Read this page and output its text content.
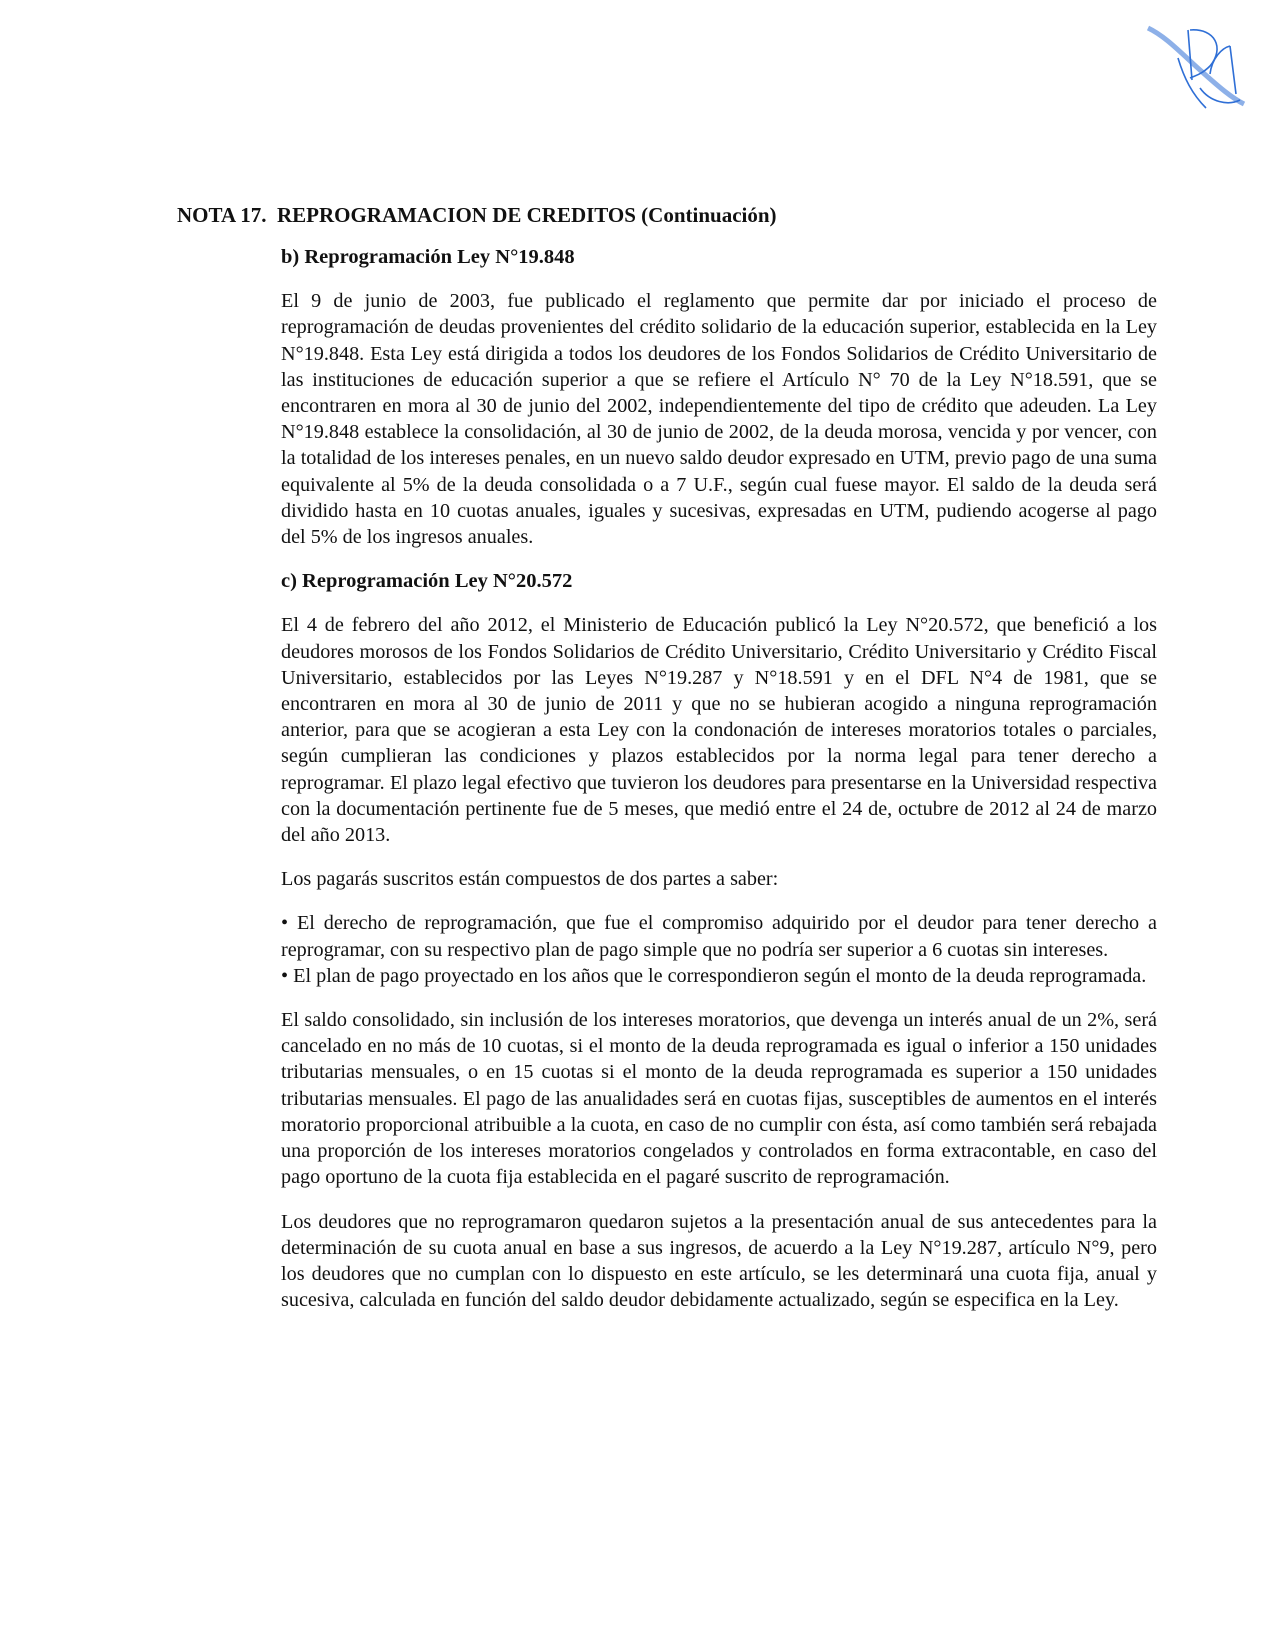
NOTA 17.  REPROGRAMACION DE CREDITOS (Continuación)

b) Reprogramación Ley N°19.848

El 9 de junio de 2003, fue publicado el reglamento que permite dar por iniciado el proceso de reprogramación de deudas provenientes del crédito solidario de la educación superior, establecida en la Ley N°19.848. Esta Ley está dirigida a todos los deudores de los Fondos Solidarios de Crédito Universitario de las instituciones de educación superior a que se refiere el Artículo N° 70 de la Ley N°18.591, que se encontraren en mora al 30 de junio del 2002, independientemente del tipo de crédito que adeuden. La Ley N°19.848 establece la consolidación, al 30 de junio de 2002, de la deuda morosa, vencida y por vencer, con la totalidad de los intereses penales, en un nuevo saldo deudor expresado en UTM, previo pago de una suma equivalente al 5% de la deuda consolidada o a 7 U.F., según cual fuese mayor. El saldo de la deuda será dividido hasta en 10 cuotas anuales, iguales y sucesivas, expresadas en UTM, pudiendo acogerse al pago del 5% de los ingresos anuales.

c) Reprogramación Ley N°20.572

El 4 de febrero del año 2012, el Ministerio de Educación publicó la Ley N°20.572, que benefició a los deudores morosos de los Fondos Solidarios de Crédito Universitario, Crédito Universitario y Crédito Fiscal Universitario, establecidos por las Leyes N°19.287 y N°18.591 y en el DFL N°4 de 1981, que se encontraren en mora al 30 de junio de 2011 y que no se hubieran acogido a ninguna reprogramación anterior, para que se acogieran a esta Ley con la condonación de intereses moratorios totales o parciales, según cumplieran las condiciones y plazos establecidos por la norma legal para tener derecho a reprogramar. El plazo legal efectivo que tuvieron los deudores para presentarse en la Universidad respectiva con la documentación pertinente fue de 5 meses, que medió entre el 24 de, octubre de 2012 al 24 de marzo del año 2013.

Los pagarás suscritos están compuestos de dos partes a saber:

• El derecho de reprogramación, que fue el compromiso adquirido por el deudor para tener derecho a reprogramar, con su respectivo plan de pago simple que no podría ser superior a 6 cuotas sin intereses.

• El plan de pago proyectado en los años que le correspondieron según el monto de la deuda reprogramada.

El saldo consolidado, sin inclusión de los intereses moratorios, que devenga un interés anual de un 2%, será cancelado en no más de 10 cuotas, si el monto de la deuda reprogramada es igual o inferior a 150 unidades tributarias mensuales, o en 15 cuotas si el monto de la deuda reprogramada es superior a 150 unidades tributarias mensuales. El pago de las anualidades será en cuotas fijas, susceptibles de aumentos en el interés moratorio proporcional atribuible a la cuota, en caso de no cumplir con ésta, así como también será rebajada una proporción de los intereses moratorios congelados y controlados en forma extracontable, en caso del pago oportuno de la cuota fija establecida en el pagaré suscrito de reprogramación.

Los deudores que no reprogramaron quedaron sujetos a la presentación anual de sus antecedentes para la determinación de su cuota anual en base a sus ingresos, de acuerdo a la Ley N°19.287, artículo N°9, pero los deudores que no cumplan con lo dispuesto en este artículo, se les determinará una cuota fija, anual y sucesiva, calculada en función del saldo deudor debidamente actualizado, según se especifica en la Ley.
